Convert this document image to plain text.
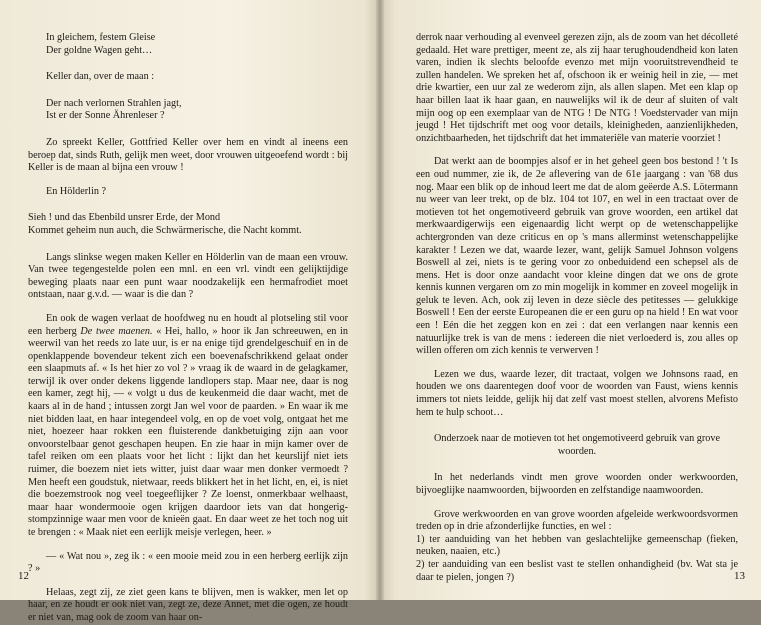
In gleichem, festem Gleise

Der goldne Wagen geht…

Keller dan, over de maan :

Der nach verlornen Strahlen jagt,

Ist er der Sonne Ährenleser ?

Zo spreekt Keller, Gottfried Keller over hem en vindt al ineens een beroep dat, sinds Ruth, gelijk men weet, door vrouwen uitgeoefend wordt : bij Keller is de maan al bijna een vrouw !

En Hölderlin ?

Sieh ! und das Ebenbild unsrer Erde, der Mond

Kommet geheim nun auch, die Schwärmerische, die Nacht kommt.

Langs slinkse wegen maken Keller en Hölderlin van de maan een vrouw. Van twee tegengestelde polen een mnl. en een vrl. vindt een gelijktijdige beweging plaats naar een punt waar noodzakelijk een hermafrodiet moet ontstaan, naar g.v.d. — waar is die dan ?

En ook de wagen verlaat de hoofdweg nu en houdt al plotseling stil voor een herberg De twee maenen. « Hei, hallo, » hoor ik Jan schreeuwen, en in weerwil van het reeds zo late uur, is er na enige tijd grendelgeschuif en in de openklappende bovendeur tekent zich een boevenafschrikkend gelaat onder een slaapmuts af. « Is het hier zo vol ? » vraag ik de waard in de gelagkamer, terwijl ik over onder dekens liggende landlopers stap. Maar nee, daar is nog een kamer, zegt hij, — « volgt u dus de keukenmeid die daar wacht, met de kaars al in de hand ; intussen zorgt Jan wel voor de paarden. » En waar ik me niet bidden laat, en haar integendeel volg, en op de voet volg, ontgaat het me niet, hoezeer haar rokken een fluisterende dankbetuiging zijn aan voor onvoorstelbaar genot geschapen heupen. En zie haar in mijn kamer over de tafel reiken om een plaats voor het licht : lijkt dan het keurslijf niet iets ruimer, die boezem niet iets witter, juist daar waar men donker vermoedt ? Men heeft een goudstuk, nietwaar, reeds blikkert het in het licht, en, ei, is niet die boezemstrook nog veel toegeeflijker ? Ze loenst, onmerkbaar welhaast, maar haar wondermooie ogen krijgen daardoor iets van dat hongerig-stompzinnige waar men voor de knieën gaat. En daar weet ze het toch nog uit te brengen : « Maak niet een eerlijk meisje verlegen, heer. »

— « Wat nou », zeg ik : « een mooie meid zou in een herberg eerlijk zijn ? »

Helaas, zegt zij, ze ziet geen kans te blijven, men is wakker, men let op haar, en ze houdt er ook niet van, zegt ze, deze Annet, met die ogen, ze houdt er niet van, mag ook de zoom van haar on-

12

derrok naar verhouding al evenveel gerezen zijn, als de zoom van het décolleté gedaald. Het ware prettiger, meent ze, als zij haar terughoudendheid kon laten varen, indien ik slechts beloofde evenzo met mijn vooruitstrevendheid te zullen handelen. We spreken het af, ofschoon ik er weinig heil in zie, — met drie kwartier, een uur zal ze wederom zijn, als allen slapen. Met een klap op haar billen laat ik haar gaan, en nauwelijks wil ik de deur af sluiten of valt mijn oog op een exemplaar van de NTG ! De NTG ! Voedstervader van mijn jeugd ! Het tijdschrift met oog voor details, kleinigheden, aanzienlijkheden, onzichtbaarheden, het tijdschrift dat het immateriële van materie voorziet !

Dat werkt aan de boompjes alsof er in het geheel geen bos bestond ! 't Is een oud nummer, zie ik, de 2e aflevering van de 61e jaargang : van '68 dus nog. Maar een blik op de inhoud leert me dat de alom geëerde A.S. Lötermann nu weer van leer trekt, op de blz. 104 tot 107, en wel in een tractaat over de motieven tot het ongemotiveerd gebruik van grove woorden, een artikel dat merkwaardigerwijs een eigenaardig licht werpt op de wetenschappelijke achtergronden van deze criticus en op 's mans allerminst wetenschappelijke karakter ! Lezen we dat, waarde lezer, want, gelijk Samuel Johnson volgens Boswell al zei, niets is te gering voor zo onbeduidend een schepsel als de mens. Het is door onze aandacht voor kleine dingen dat we ons de grote kennis kunnen vergaren om zo min mogelijk in kommer en zoveel mogelijk in geluk te leven. Ach, ook zij leven in deze siècle des petitesses — gelukkige Boswell ! Een der eerste Europeanen die er een guru op na hield ! En wat voor een ! Eén die het zeggen kon en zei : dat een verlangen naar kennis een natuurlijke trek is van de mens : iedereen die niet verloederd is, zou alles op willen offeren om zich kennis te verwerven !

Lezen we dus, waarde lezer, dit tractaat, volgen we Johnsons raad, en houden we ons daarentegen doof voor de woorden van Faust, wiens kennis immers tot niets leidde, gelijk hij dat zelf vast moest stellen, alvorens Mefisto hem te hulp schoot…

Onderzoek naar de motieven tot het ongemotiveerd gebruik van grove woorden.

In het nederlands vindt men grove woorden onder werkwoorden, bijvoeglijke naamwoorden, bijwoorden en zelfstandige naamwoorden.

Grove werkwoorden en van grove woorden afgeleide werkwoordsvormen treden op in drie afzonderlijke functies, en wel :

1) ter aanduiding van het hebben van geslachtelijke gemeenschap (fieken, neuken, naaien, etc.)

2) ter aanduiding van een beslist vast te stellen onhandigheid (bv. Wat sta je daar te pielen, jongen ?)	13
